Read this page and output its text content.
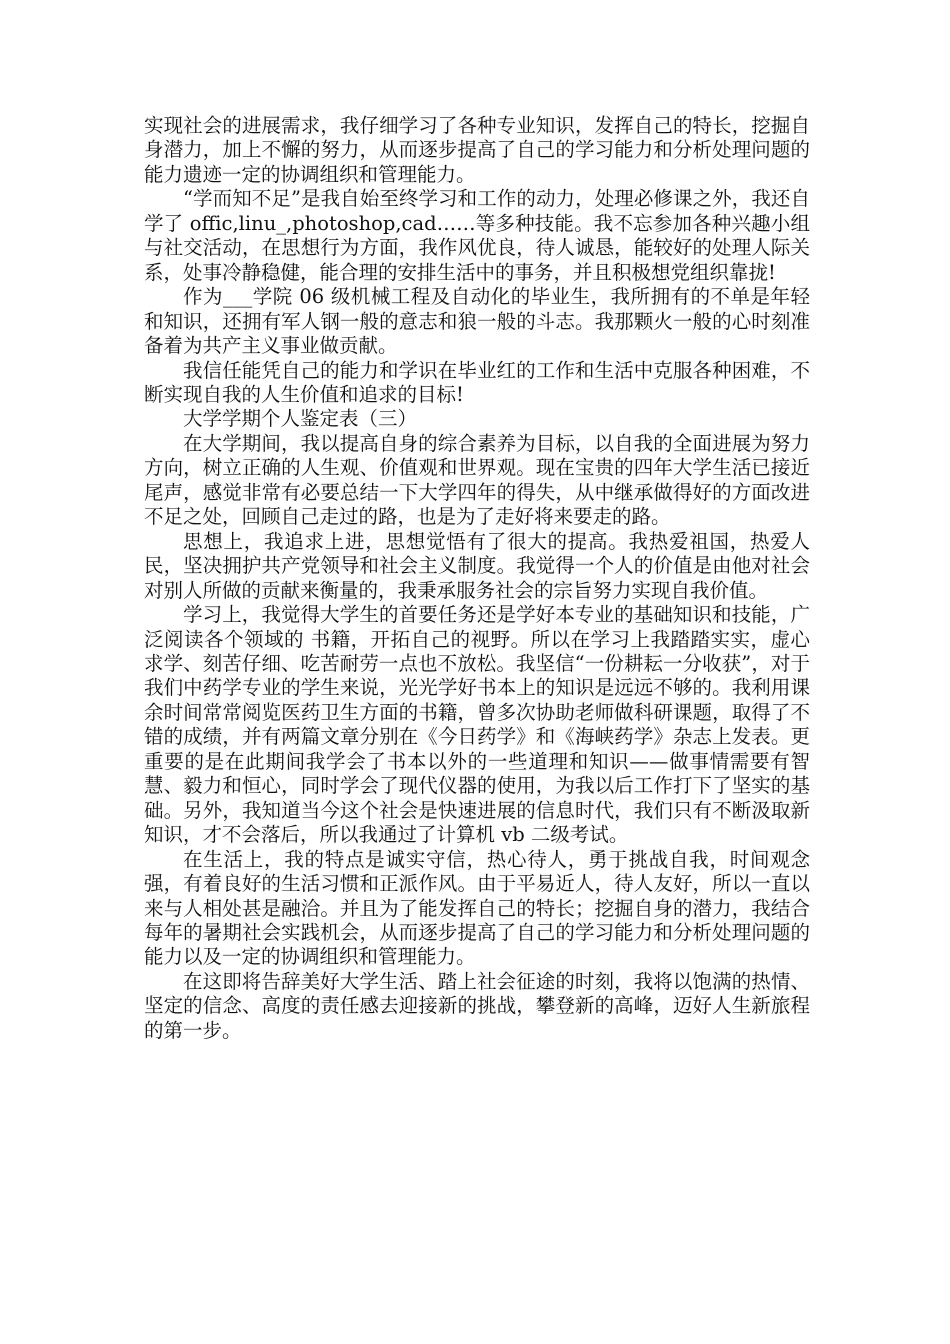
实现社会的进展需求，我仔细学习了各种专业知识，发挥自己的特长，挖掘自身潜力，加上不懈的努力，从而逐步提高了自己的学习能力和分析处理问题的能力遗迹一定的协调组织和管理能力。

“学而知不足”是我自始至终学习和工作的动力，处理必修课之外，我还自学了 offic,linu_,photoshop,cad……等多种技能。我不忘参加各种兴趣小组与社交活动，在思想行为方面，我作风优良，待人诚恳，能较好的处理人际关系，处事冷静稳健，能合理的安排生活中的事务，并且积极想党组织靠拢!

作为___学院 06 级机械工程及自动化的毕业生，我所拥有的不单是年轻和知识，还拥有军人钢一般的意志和狼一般的斗志。我那颗火一般的心时刻准备着为共产主义事业做贡献。

我信任能凭自己的能力和学识在毕业红的工作和生活中克服各种困难，不断实现自我的人生价值和追求的目标!

大学学期个人鉴定表（三）

在大学期间，我以提高自身的综合素养为目标，以自我的全面进展为努力方向，树立正确的人生观、价值观和世界观。现在宝贵的四年大学生活已接近尾声，感觉非常有必要总结一下大学四年的得失，从中继承做得好的方面改进不足之处，回顾自己走过的路，也是为了走好将来要走的路。

思想上，我追求上进，思想觉悟有了很大的提高。我热爱祖国，热爱人民，坚决拥护共产党领导和社会主义制度。我觉得一个人的价值是由他对社会对别人所做的贡献来衡量的，我秉承服务社会的宗旨努力实现自我价值。

学习上，我觉得大学生的首要任务还是学好本专业的基础知识和技能，广泛阅读各个领域的 书籍，开拓自己的视野。所以在学习上我踏踏实实，虚心求学、刻苦仔细、吃苦耐劳一点也不放松。我坚信“一份耕耘一分收获”，对于我们中药学专业的学生来说，光光学好书本上的知识是远远不够的。我利用课余时间常常阅览医药卫生方面的书籍，曾多次协助老师做科研课题，取得了不错的成绩，并有两篇文章分别在《今日药学》和《海峡药学》杂志上发表。更重要的是在此期间我学会了书本以外的一些道理和知识——做事情需要有智慧、毅力和恒心，同时学会了现代仪器的使用，为我以后工作打下了坚实的基础。另外，我知道当今这个社会是快速进展的信息时代，我们只有不断汲取新知识，才不会落后，所以我通过了计算机 vb 二级考试。

在生活上，我的特点是诚实守信，热心待人，勇于挑战自我，时间观念强，有着良好的生活习惯和正派作风。由于平易近人，待人友好，所以一直以来与人相处甚是融洽。并且为了能发挥自己的特长；挖掘自身的潜力，我结合每年的暑期社会实践机会，从而逐步提高了自己的学习能力和分析处理问题的能力以及一定的协调组织和管理能力。

在这即将告辞美好大学生活、踏上社会征途的时刻，我将以饱满的热情、坚定的信念、高度的责任感去迎接新的挑战，攀登新的高峰，迈好人生新旅程的第一步。
